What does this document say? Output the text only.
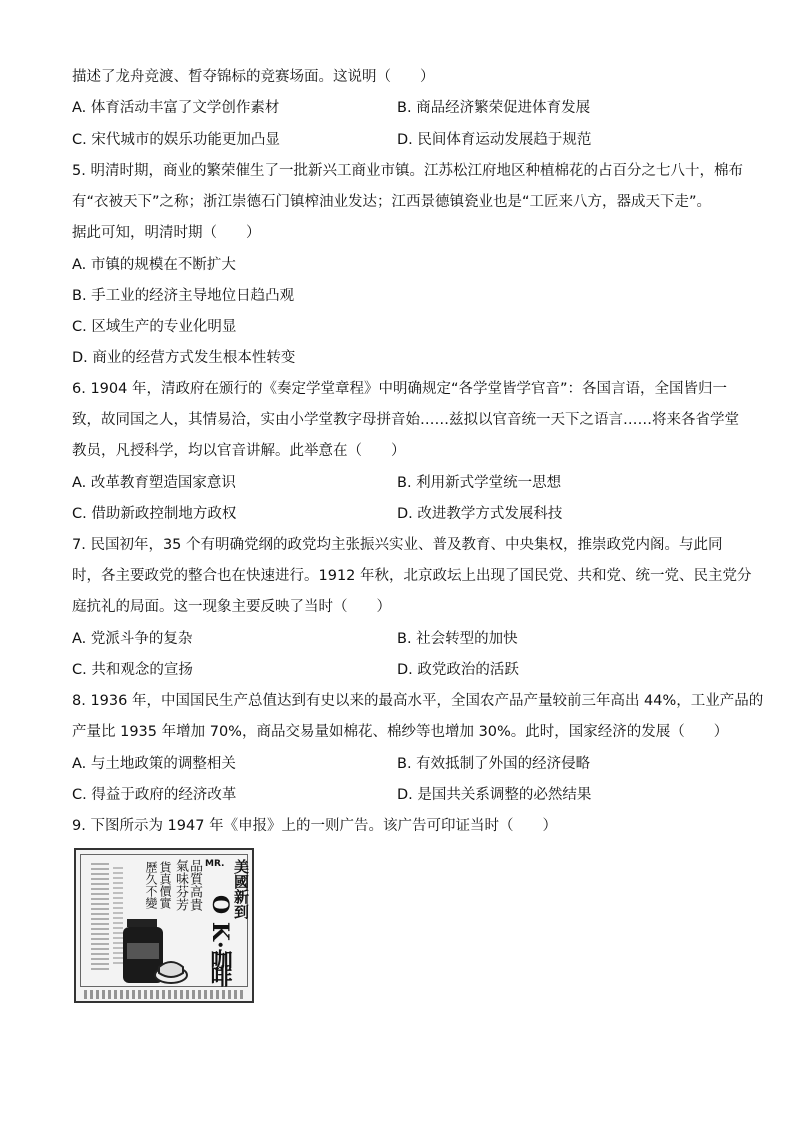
描述了龙舟竞渡、晳夺锦标的竞赛场面。这说明（　　）
A. 体育活动丰富了文学创作素材	B. 商品经济繁荣促进体育发展
C. 宋代城市的娱乐功能更加凸显	D. 民间体育运动发展趋于规范
5. 明清时期，商业的繁荣催生了一批新兴工商业市镇。江苏松江府地区种植棉花的占百分之七八十，棉布
有“衣被天下”之称；浙江崇德石门镇榨油业发达；江西景德镇瓷业也是“工匠来八方，器成天下走”。
据此可知，明清时期（　　）
A. 市镇的规模在不断扩大
B. 手工业的经济主导地位日趋凸观
C. 区域生产的专业化明显
D. 商业的经营方式发生根本性转变
6. 1904 年，清政府在颁行的《奏定学堂章程》中明确规定“各学堂皆学官音”：各国言语，全国皆归一
致，故同国之人，其情易洽，实由小学堂教字母拼音始……兹拟以官音统一天下之语言……将来各省学堂
教员，凡授科学，均以官音讲解。此举意在（　　）
A. 改革教育塑造国家意识	B. 利用新式学堂统一思想
C. 借助新政控制地方政权	D. 改进教学方式发展科技
7. 民国初年，35 个有明确党纲的政党均主张振兴实业、普及教育、中央集权，推崇政党内阁。与此同
时，各主要政党的整合也在快速进行。1912 年秋，北京政坛上出现了国民党、共和党、统一党、民主党分
庭抗礼的局面。这一现象主要反映了当时（　　）
A. 党派斗争的复杂	B. 社会转型的加快
C. 共和观念的宣扬	D. 政党政治的活跃
8. 1936 年，中国国民生产总值达到有史以来的最高水平，全国农产品产量较前三年高出 44%，工业产品的
产量比 1935 年增加 70%，商品交易量如棉花、棉纱等也增加 30%。此时，国家经济的发展（　　）
A. 与土地政策的调整相关	B. 有效抵制了外国的经济侵略
C. 得益于政府的经济改革	D. 是国共关系调整的必然结果
9. 下图所示为 1947 年《申报》上的一则广告。该广告可印证当时（　　）
品質高貴
氣味芬芳
貨真價實
歷久不變	MR.
O K·咖
啡
美國新到
